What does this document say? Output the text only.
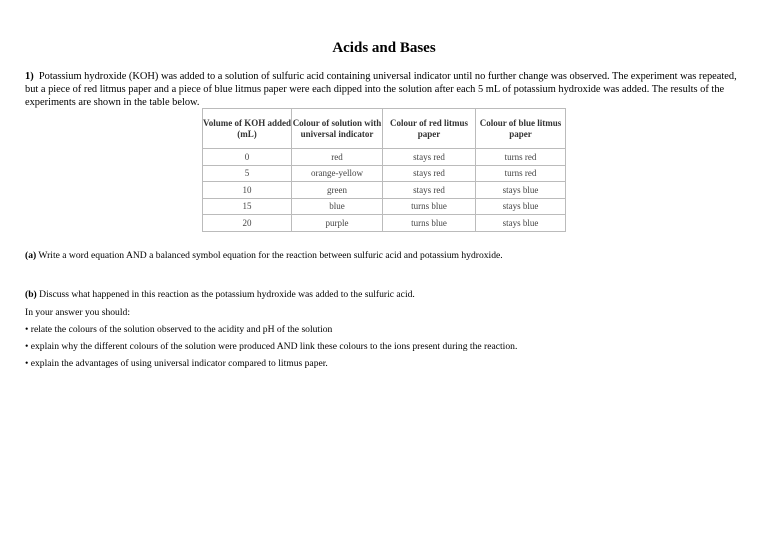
Acids and Bases

1) Potassium hydroxide (KOH) was added to a solution of sulfuric acid containing universal indicator until no further change was observed. The experiment was repeated, but a piece of red litmus paper and a piece of blue litmus paper were each dipped into the solution after each 5 mL of potassium hydroxide was added. The results of the experiments are shown in the table below.

Volume of KOH added (mL)	Colour of solution with universal indicator	Colour of red litmus paper	Colour of blue litmus paper
0	red	stays red	turns red
5	orange-yellow	stays red	turns red
10	green	stays red	stays blue
15	blue	turns blue	stays blue
20	purple	turns blue	stays blue

(a) Write a word equation AND a balanced symbol equation for the reaction between sulfuric acid and potassium hydroxide.

(b) Discuss what happened in this reaction as the potassium hydroxide was added to the sulfuric acid.

In your answer you should:

• relate the colours of the solution observed to the acidity and pH of the solution

• explain why the different colours of the solution were produced AND link these colours to the ions present during the reaction.

• explain the advantages of using universal indicator compared to litmus paper.
